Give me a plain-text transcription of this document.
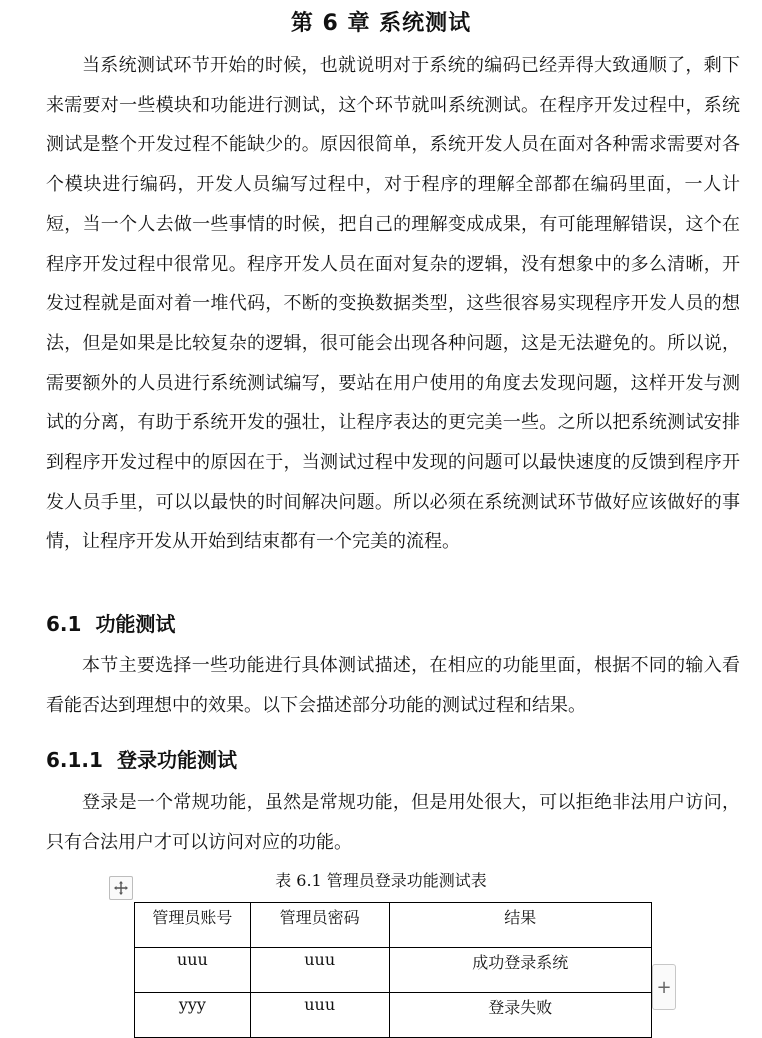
第 6 章 系统测试

当系统测试环节开始的时候，也就说明对于系统的编码已经弄得大致通顺了，剩下来需要对一些模块和功能进行测试，这个环节就叫系统测试。在程序开发过程中，系统测试是整个开发过程不能缺少的。原因很简单，系统开发人员在面对各种需求需要对各个模块进行编码，开发人员编写过程中，对于程序的理解全部都在编码里面，一人计短，当一个人去做一些事情的时候，把自己的理解变成成果，有可能理解错误，这个在程序开发过程中很常见。程序开发人员在面对复杂的逻辑，没有想象中的多么清晰，开发过程就是面对着一堆代码，不断的变换数据类型，这些很容易实现程序开发人员的想法，但是如果是比较复杂的逻辑，很可能会出现各种问题，这是无法避免的。所以说，需要额外的人员进行系统测试编写，要站在用户使用的角度去发现问题，这样开发与测试的分离，有助于系统开发的强壮，让程序表达的更完美一些。之所以把系统测试安排到程序开发过程中的原因在于，当测试过程中发现的问题可以最快速度的反馈到程序开发人员手里，可以以最快的时间解决问题。所以必须在系统测试环节做好应该做好的事情，让程序开发从开始到结束都有一个完美的流程。

6.1 功能测试

本节主要选择一些功能进行具体测试描述，在相应的功能里面，根据不同的输入看看能否达到理想中的效果。以下会描述部分功能的测试过程和结果。

6.1.1 登录功能测试

登录是一个常规功能，虽然是常规功能，但是用处很大，可以拒绝非法用户访问，只有合法用户才可以访问对应的功能。

表 6.1 管理员登录功能测试表
管理员账号	管理员密码	结果
uuu	uuu	成功登录系统
yyy	uuu	登录失败
+
